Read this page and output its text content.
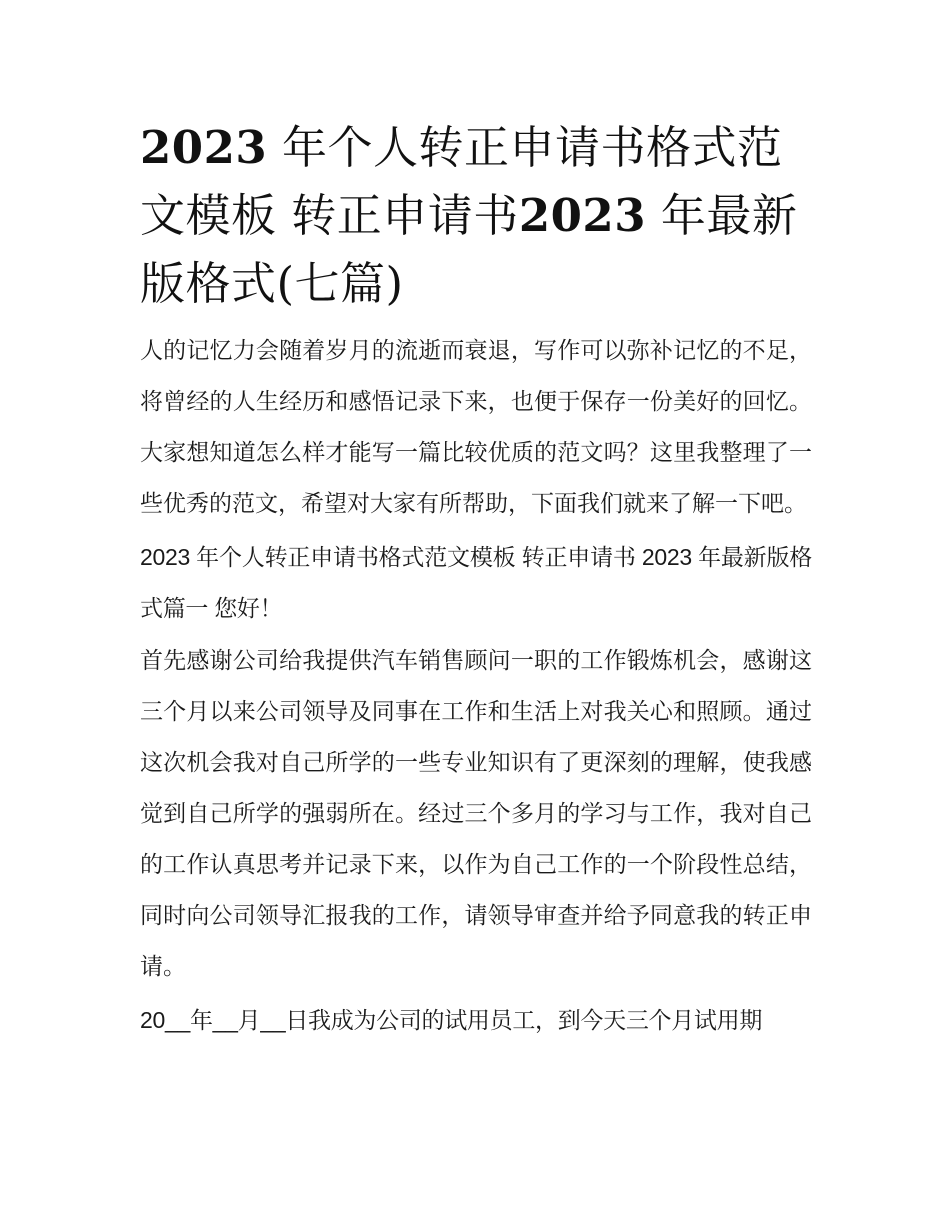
2023 年个人转正申请书格式范文模板 转正申请书2023 年最新版格式(七篇)

人的记忆力会随着岁月的流逝而衰退，写作可以弥补记忆的不足，将曾经的人生经历和感悟记录下来，也便于保存一份美好的回忆。大家想知道怎么样才能写一篇比较优质的范文吗？这里我整理了一些优秀的范文，希望对大家有所帮助，下面我们就来了解一下吧。

2023 年个人转正申请书格式范文模板 转正申请书 2023 年最新版格式篇一 您好！

首先感谢公司给我提供汽车销售顾问一职的工作锻炼机会，感谢这三个月以来公司领导及同事在工作和生活上对我关心和照顾。通过这次机会我对自己所学的一些专业知识有了更深刻的理解，使我感觉到自己所学的强弱所在。经过三个多月的学习与工作，我对自己的工作认真思考并记录下来，以作为自己工作的一个阶段性总结，同时向公司领导汇报我的工作，请领导审查并给予同意我的转正申请。

20__年__月__日我成为公司的试用员工，到今天三个月试用期
